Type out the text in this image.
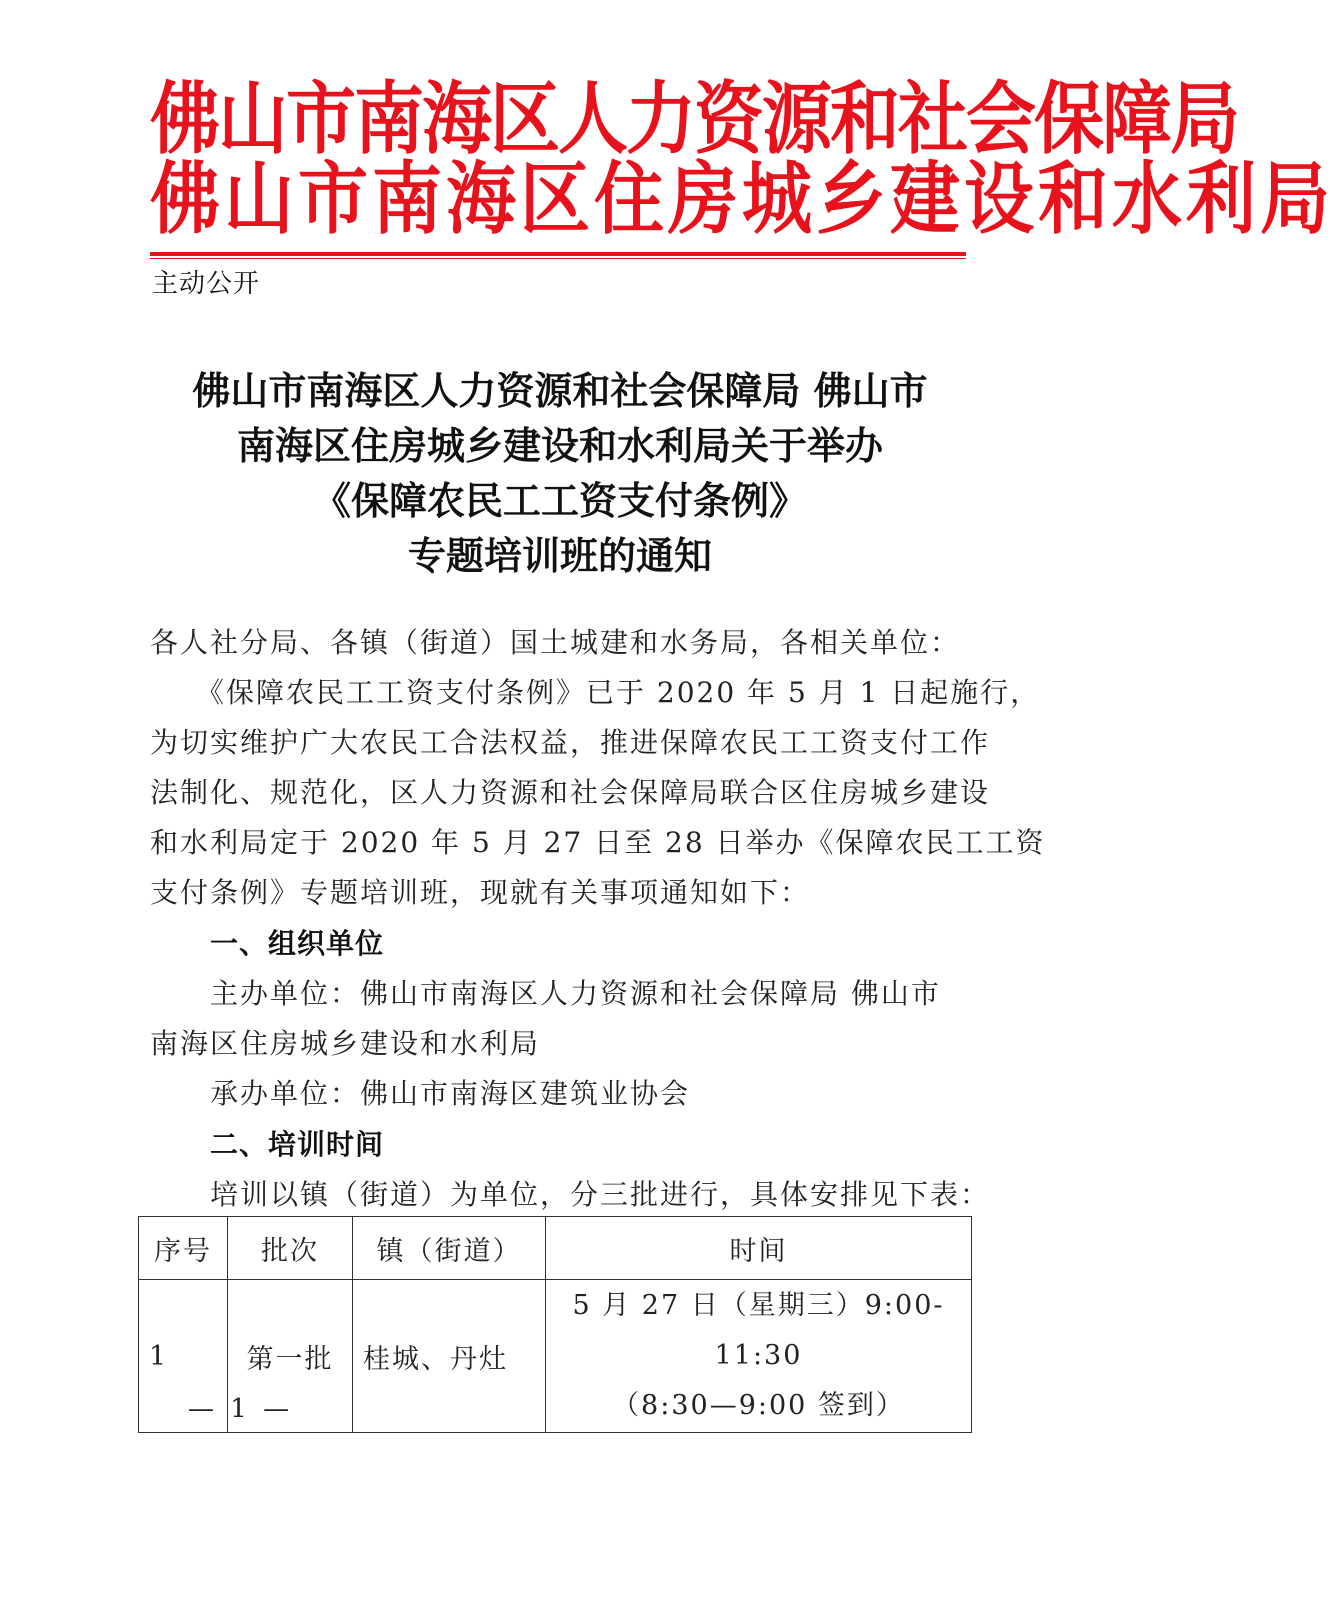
佛山市南海区人力资源和社会保障局
佛山市南海区住房城乡建设和水利局
主动公开
佛山市南海区人力资源和社会保障局 佛山市
南海区住房城乡建设和水利局关于举办
《保障农民工工资支付条例》
专题培训班的通知
各人社分局、各镇（街道）国土城建和水务局，各相关单位：
《保障农民工工资支付条例》已于 2020 年 5 月 1 日起施行，
为切实维护广大农民工合法权益，推进保障农民工工资支付工作
法制化、规范化，区人力资源和社会保障局联合区住房城乡建设
和水利局定于 2020 年 5 月 27 日至 28 日举办《保障农民工工资
支付条例》专题培训班，现就有关事项通知如下：
一、组织单位
主办单位：佛山市南海区人力资源和社会保障局 佛山市
南海区住房城乡建设和水利局
承办单位：佛山市南海区建筑业协会
二、培训时间
培训以镇（街道）为单位，分三批进行，具体安排见下表：
序号	批次	镇（街道）	时间
1	第一批	桂城、丹灶	5 月 27 日（星期三）9:00-11:30
（8:30—9:00 签到）
— 1 —
